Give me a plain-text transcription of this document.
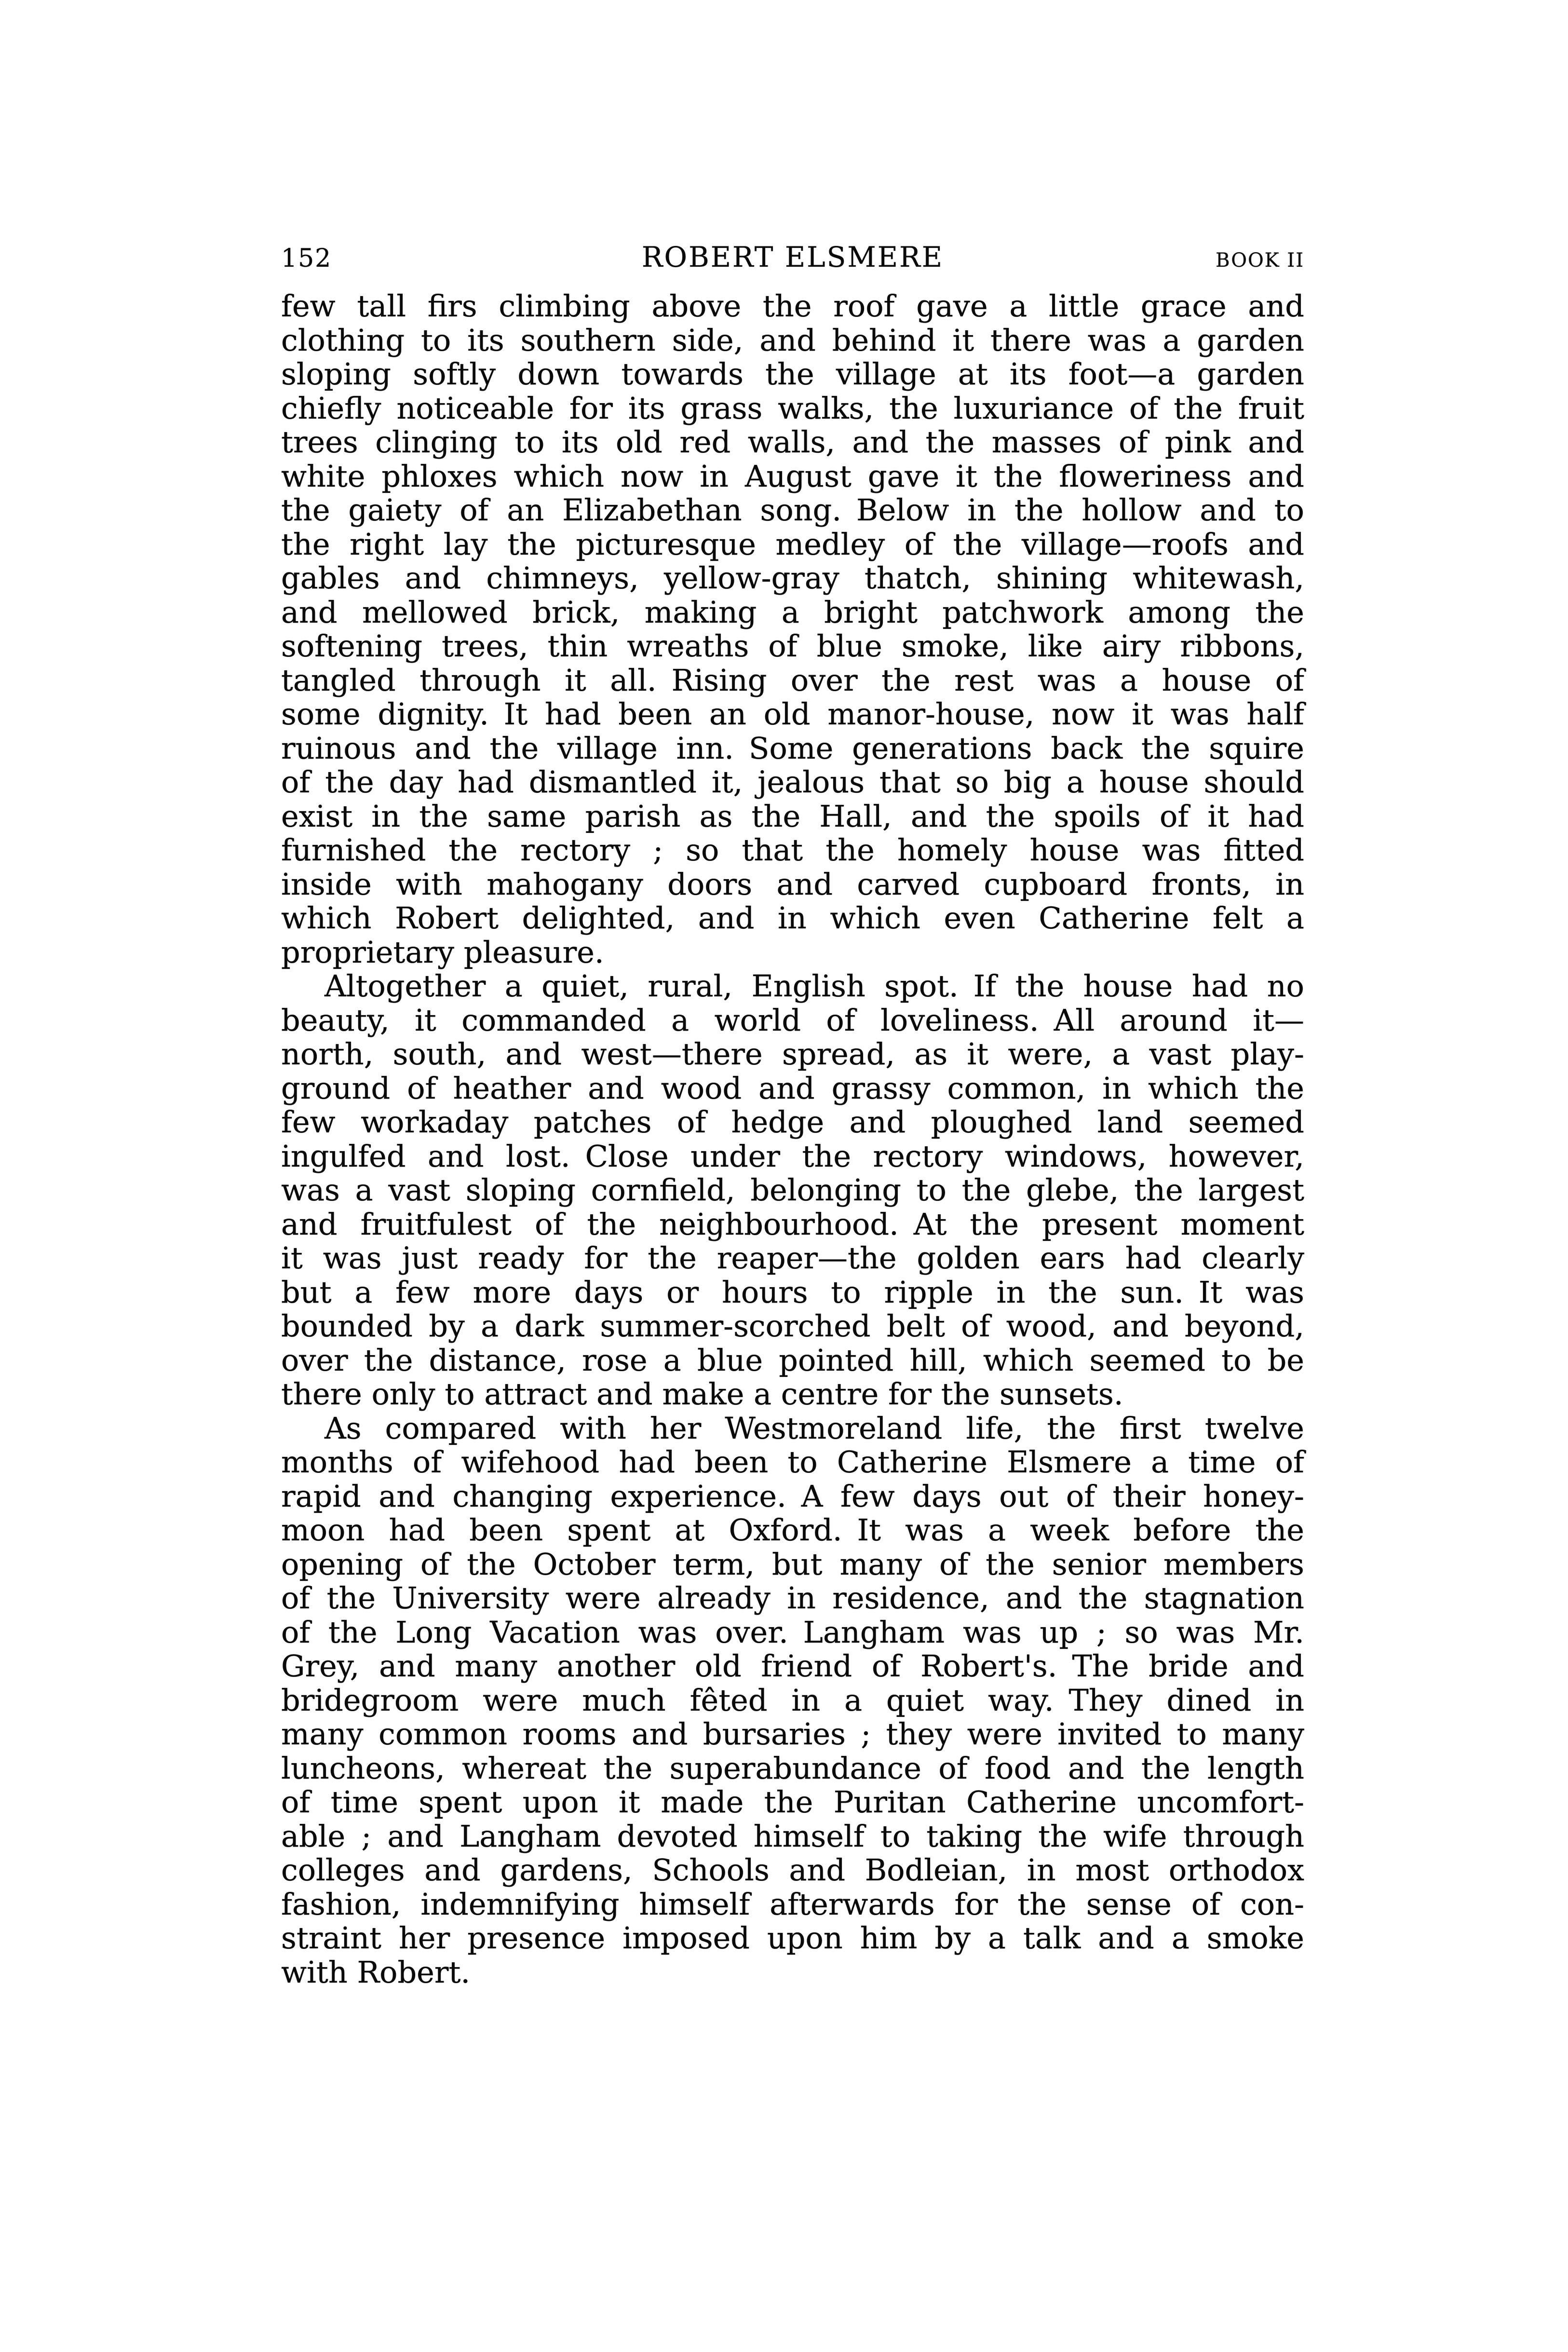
152	ROBERT ELSMERE	BOOK II
few tall firs climbing above the roof gave a little grace and
clothing to its southern side, and behind it there was a garden
sloping softly down towards the village at its foot—a garden
chiefly noticeable for its grass walks, the luxuriance of the fruit
trees clinging to its old red walls, and the masses of pink and
white phloxes which now in August gave it the floweriness and
the gaiety of an Elizabethan song. Below in the hollow and to
the right lay the picturesque medley of the village—roofs and
gables and chimneys, yellow-gray thatch, shining whitewash,
and mellowed brick, making a bright patchwork among the
softening trees, thin wreaths of blue smoke, like airy ribbons,
tangled through it all. Rising over the rest was a house of
some dignity. It had been an old manor-house, now it was half
ruinous and the village inn. Some generations back the squire
of the day had dismantled it, jealous that so big a house should
exist in the same parish as the Hall, and the spoils of it had
furnished the rectory ; so that the homely house was fitted
inside with mahogany doors and carved cupboard fronts, in
which Robert delighted, and in which even Catherine felt a
proprietary pleasure.
Altogether a quiet, rural, English spot. If the house had no
beauty, it commanded a world of loveliness. All around it—
north, south, and west—there spread, as it were, a vast play-
ground of heather and wood and grassy common, in which the
few workaday patches of hedge and ploughed land seemed
ingulfed and lost. Close under the rectory windows, however,
was a vast sloping cornfield, belonging to the glebe, the largest
and fruitfulest of the neighbourhood. At the present moment
it was just ready for the reaper—the golden ears had clearly
but a few more days or hours to ripple in the sun. It was
bounded by a dark summer-scorched belt of wood, and beyond,
over the distance, rose a blue pointed hill, which seemed to be
there only to attract and make a centre for the sunsets.
As compared with her Westmoreland life, the first twelve
months of wifehood had been to Catherine Elsmere a time of
rapid and changing experience. A few days out of their honey-
moon had been spent at Oxford. It was a week before the
opening of the October term, but many of the senior members
of the University were already in residence, and the stagnation
of the Long Vacation was over. Langham was up ; so was Mr.
Grey, and many another old friend of Robert's. The bride and
bridegroom were much fêted in a quiet way. They dined in
many common rooms and bursaries ; they were invited to many
luncheons, whereat the superabundance of food and the length
of time spent upon it made the Puritan Catherine uncomfort-
able ; and Langham devoted himself to taking the wife through
colleges and gardens, Schools and Bodleian, in most orthodox
fashion, indemnifying himself afterwards for the sense of con-
straint her presence imposed upon him by a talk and a smoke
with Robert.
